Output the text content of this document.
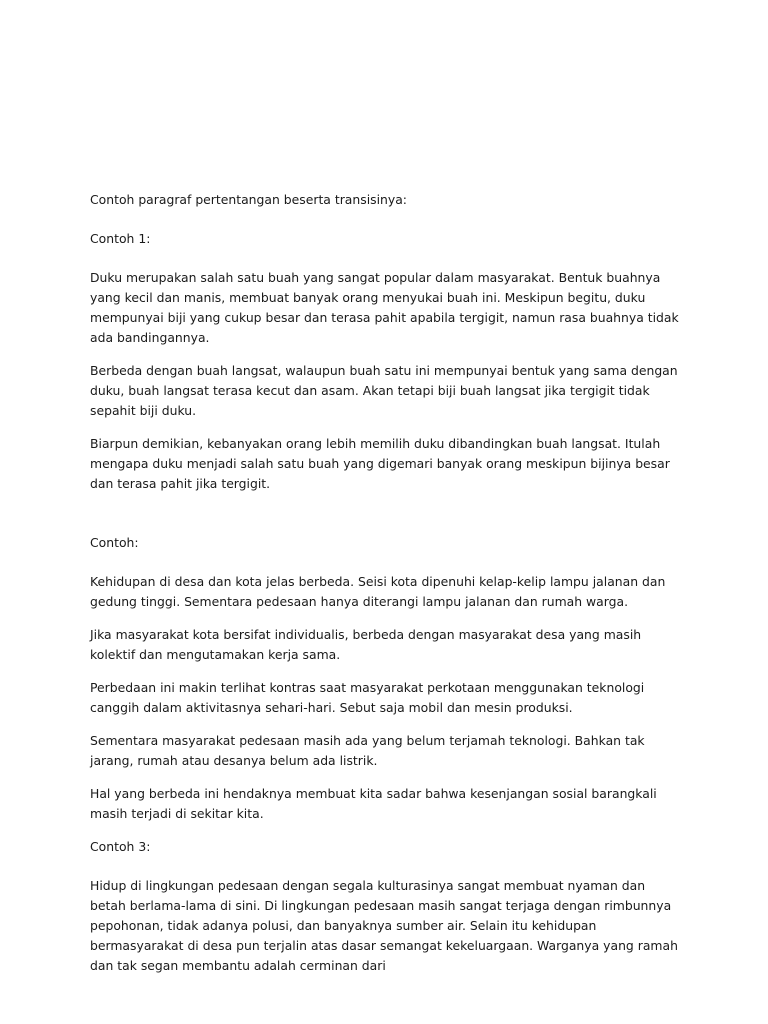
Contoh paragraf pertentangan beserta transisinya:

Contoh 1:

Duku merupakan salah satu buah yang sangat popular dalam masyarakat. Bentuk buahnya yang kecil dan manis, membuat banyak orang menyukai buah ini. Meskipun begitu, duku mempunyai biji yang cukup besar dan terasa pahit apabila tergigit, namun rasa buahnya tidak ada bandingannya.

Berbeda dengan buah langsat, walaupun buah satu ini mempunyai bentuk yang sama dengan duku, buah langsat terasa kecut dan asam. Akan tetapi biji buah langsat jika tergigit tidak sepahit biji duku.

Biarpun demikian, kebanyakan orang lebih memilih duku dibandingkan buah langsat. Itulah mengapa duku menjadi salah satu buah yang digemari banyak orang meskipun bijinya besar dan terasa pahit jika tergigit.

Contoh:

Kehidupan di desa dan kota jelas berbeda. Seisi kota dipenuhi kelap-kelip lampu jalanan dan gedung tinggi. Sementara pedesaan hanya diterangi lampu jalanan dan rumah warga.

Jika masyarakat kota bersifat individualis, berbeda dengan masyarakat desa yang masih kolektif dan mengutamakan kerja sama.

Perbedaan ini makin terlihat kontras saat masyarakat perkotaan menggunakan teknologi canggih dalam aktivitasnya sehari-hari. Sebut saja mobil dan mesin produksi.

Sementara masyarakat pedesaan masih ada yang belum terjamah teknologi. Bahkan tak jarang, rumah atau desanya belum ada listrik.

Hal yang berbeda ini hendaknya membuat kita sadar bahwa kesenjangan sosial barangkali masih terjadi di sekitar kita.

Contoh 3:

Hidup di lingkungan pedesaan dengan segala kulturasinya sangat membuat nyaman dan betah berlama-lama di sini. Di lingkungan pedesaan masih sangat terjaga dengan rimbunnya pepohonan, tidak adanya polusi, dan banyaknya sumber air. Selain itu kehidupan bermasyarakat di desa pun terjalin atas dasar semangat kekeluargaan. Warganya yang ramah dan tak segan membantu adalah cerminan dari
